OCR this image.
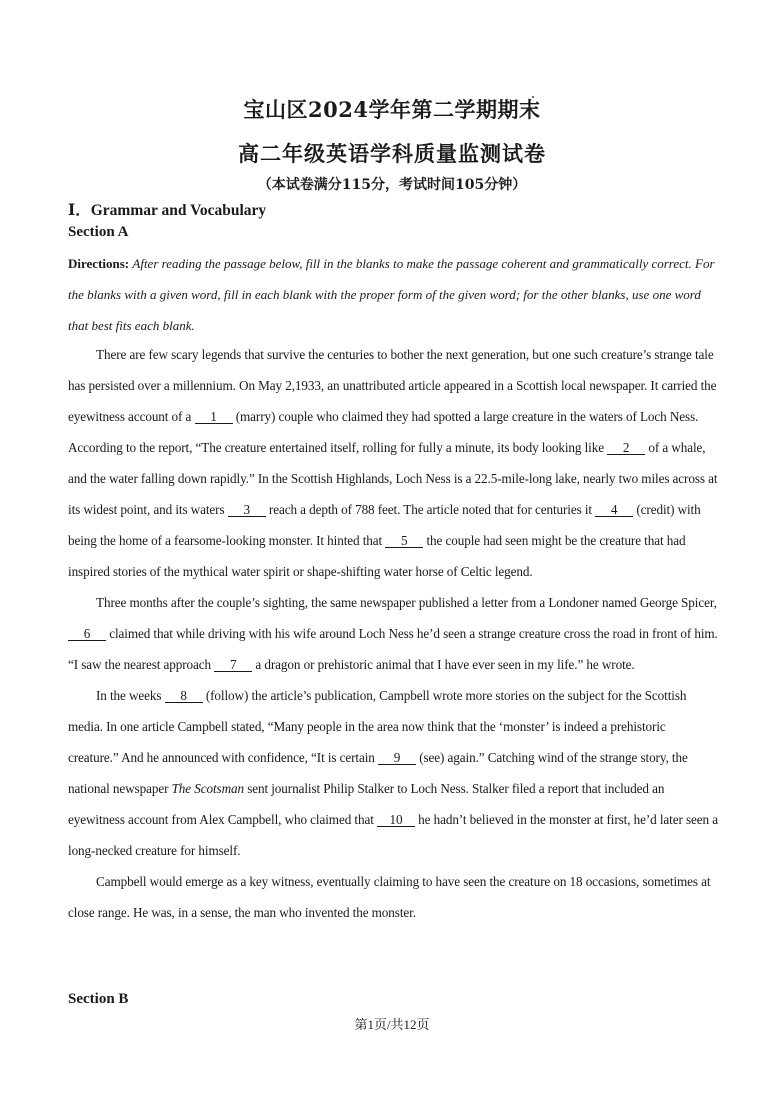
宝山区2024学年第二学期期末
高二年级英语学科质量监测试卷
（本试卷满分115分，考试时间105分钟）
Ⅰ．Grammar and Vocabulary
Section A
Directions: After reading the passage below, fill in the blanks to make the passage coherent and grammatically correct. For the blanks with a given word, fill in each blank with the proper form of the given word; for the other blanks, use one word that best fits each blank.

There are few scary legends that survive the centuries to bother the next generation, but one such creature’s strange tale has persisted over a millennium. On May 2,1933, an unattributed article appeared in a Scottish local newspaper. It carried the eyewitness account of a 1 (marry) couple who claimed they had spotted a large creature in the waters of Loch Ness. According to the report, “The creature entertained itself, rolling for fully a minute, its body looking like 2 of a whale, and the water falling down rapidly.” In the Scottish Highlands, Loch Ness is a 22.5-mile-long lake, nearly two miles across at its widest point, and its waters 3 reach a depth of 788 feet. The article noted that for centuries it 4 (credit) with being the home of a fearsome-looking monster. It hinted that 5 the couple had seen might be the creature that had inspired stories of the mythical water spirit or shape-shifting water horse of Celtic legend.

Three months after the couple’s sighting, the same newspaper published a letter from a Londoner named George Spicer, 6 claimed that while driving with his wife around Loch Ness he’d seen a strange creature cross the road in front of him. “I saw the nearest approach 7 a dragon or prehistoric animal that I have ever seen in my life.” he wrote.

In the weeks 8 (follow) the article’s publication, Campbell wrote more stories on the subject for the Scottish media. In one article Campbell stated, “Many people in the area now think that the ‘monster’ is indeed a prehistoric creature.” And he announced with confidence, “It is certain 9 (see) again.” Catching wind of the strange story, the national newspaper The Scotsman sent journalist Philip Stalker to Loch Ness. Stalker filed a report that included an eyewitness account from Alex Campbell, who claimed that 10 he hadn’t believed in the monster at first, he’d later seen a long-necked creature for himself.

Campbell would emerge as a key witness, eventually claiming to have seen the creature on 18 occasions, sometimes at close range. He was, in a sense, the man who invented the monster.

Section B
第1页/共12页
